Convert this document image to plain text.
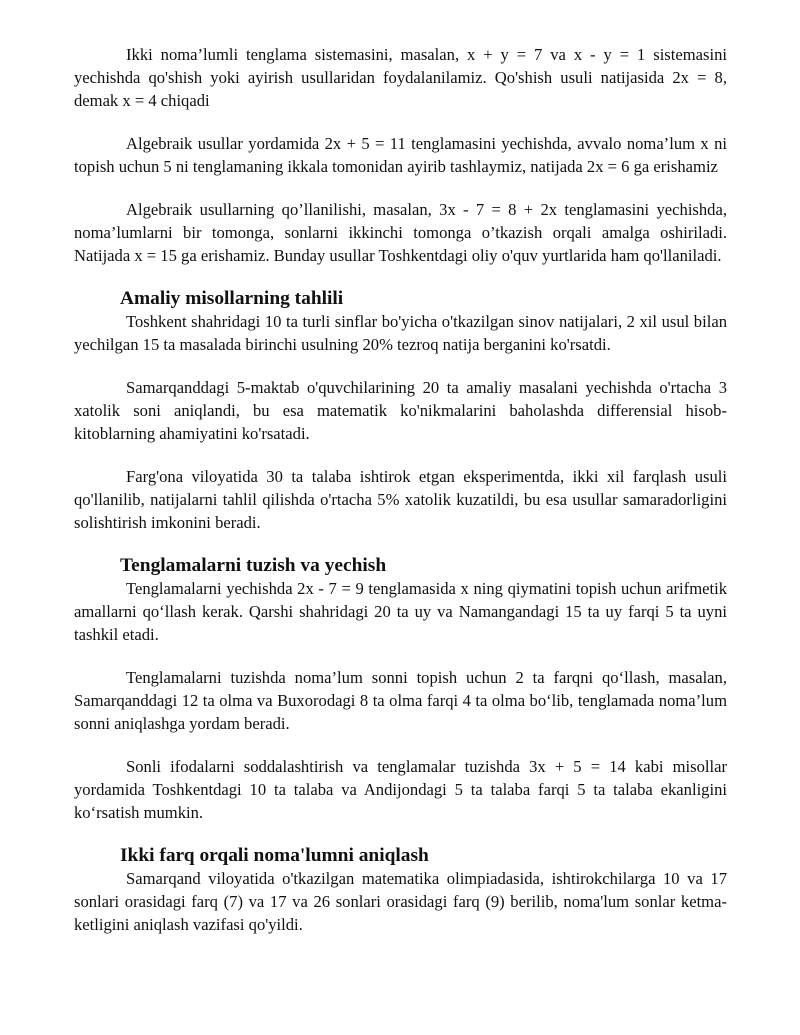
Ikki noma’lumli tenglama sistemasini, masalan, x + y = 7 va x - y = 1 sistemasini yechishda qo'shish yoki ayirish usullaridan foydalanilamiz. Qo'shish usuli natijasida 2x = 8, demak x = 4 chiqadi

Algebraik usullar yordamida 2x + 5 = 11 tenglamasini yechishda, avvalo noma’lum x ni topish uchun 5 ni tenglamaning ikkala tomonidan ayirib tashlaymiz, natijada 2x = 6 ga erishamiz

Algebraik usullarning qo’llanilishi, masalan, 3x - 7 = 8 + 2x tenglamasini yechishda, noma’lumlarni bir tomonga, sonlarni ikkinchi tomonga o’tkazish orqali amalga oshiriladi. Natijada x = 15 ga erishamiz. Bunday usullar Toshkentdagi oliy o'quv yurtlarida ham qo'llaniladi.

Amaliy misollarning tahlili

Toshkent shahridagi 10 ta turli sinflar bo'yicha o'tkazilgan sinov natijalari, 2 xil usul bilan yechilgan 15 ta masalada birinchi usulning 20% tezroq natija berganini ko'rsatdi.

Samarqanddagi 5-maktab o'quvchilarining 20 ta amaliy masalani yechishda o'rtacha 3 xatolik soni aniqlandi, bu esa matematik ko'nikmalarini baholashda differensial hisob-kitoblarning ahamiyatini ko'rsatadi.

Farg'ona viloyatida 30 ta talaba ishtirok etgan eksperimentda, ikki xil farqlash usuli qo'llanilib, natijalarni tahlil qilishda o'rtacha 5% xatolik kuzatildi, bu esa usullar samaradorligini solishtirish imkonini beradi.

Tenglamalarni tuzish va yechish

Tenglamalarni yechishda 2x - 7 = 9 tenglamasida x ning qiymatini topish uchun arifmetik amallarni qo‘llash kerak. Qarshi shahridagi 20 ta uy va Namangandagi 15 ta uy farqi 5 ta uyni tashkil etadi.

Tenglamalarni tuzishda noma’lum sonni topish uchun 2 ta farqni qo‘llash, masalan, Samarqanddagi 12 ta olma va Buxorodagi 8 ta olma farqi 4 ta olma bo‘lib, tenglamada noma’lum sonni aniqlashga yordam beradi.

Sonli ifodalarni soddalashtirish va tenglamalar tuzishda 3x + 5 = 14 kabi misollar yordamida Toshkentdagi 10 ta talaba va Andijondagi 5 ta talaba farqi 5 ta talaba ekanligini ko‘rsatish mumkin.

Ikki farq orqali noma'lumni aniqlash

Samarqand viloyatida o'tkazilgan matematika olimpiadasida, ishtirokchilarga 10 va 17 sonlari orasidagi farq (7) va 17 va 26 sonlari orasidagi farq (9) berilib, noma'lum sonlar ketma-ketligini aniqlash vazifasi qo'yildi.
